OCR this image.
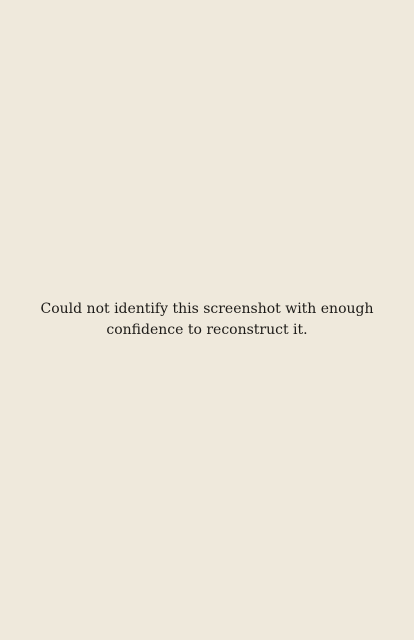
Could not identify this screenshot with enough confidence to reconstruct it.
